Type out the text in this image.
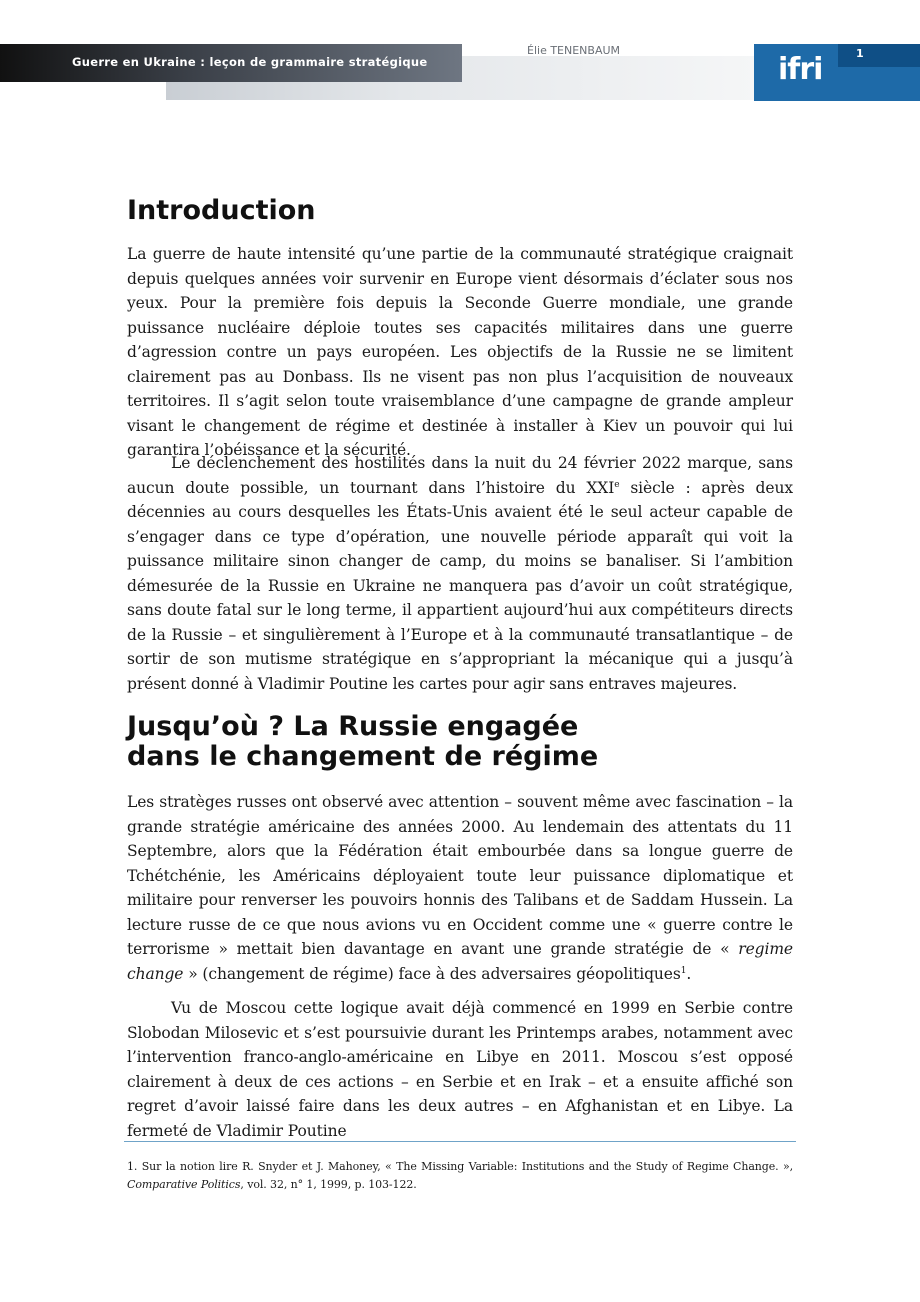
Guerre en Ukraine : leçon de grammaire stratégique
Élie TENENBAUM
ifri	1
Introduction

La guerre de haute intensité qu’une partie de la communauté stratégique craignait depuis quelques années voir survenir en Europe vient désormais d’éclater sous nos yeux. Pour la première fois depuis la Seconde Guerre mondiale, une grande puissance nucléaire déploie toutes ses capacités militaires dans une guerre d’agression contre un pays européen. Les objectifs de la Russie ne se limitent clairement pas au Donbass. Ils ne visent pas non plus l’acquisition de nouveaux territoires. Il s’agit selon toute vraisemblance d’une campagne de grande ampleur visant le changement de régime et destinée à installer à Kiev un pouvoir qui lui garantira l’obéissance et la sécurité.

Le déclenchement des hostilités dans la nuit du 24 février 2022 marque, sans aucun doute possible, un tournant dans l’histoire du XXIe siècle : après deux décennies au cours desquelles les États-Unis avaient été le seul acteur capable de s’engager dans ce type d’opération, une nouvelle période apparaît qui voit la puissance militaire sinon changer de camp, du moins se banaliser. Si l’ambition démesurée de la Russie en Ukraine ne manquera pas d’avoir un coût stratégique, sans doute fatal sur le long terme, il appartient aujourd’hui aux compétiteurs directs de la Russie – et singulièrement à l’Europe et à la communauté transatlantique – de sortir de son mutisme stratégique en s’appropriant la mécanique qui a jusqu’à présent donné à Vladimir Poutine les cartes pour agir sans entraves majeures.

Jusqu’où ? La Russie engagée
dans le changement de régime

Les stratèges russes ont observé avec attention – souvent même avec fascination – la grande stratégie américaine des années 2000. Au lendemain des attentats du 11 Septembre, alors que la Fédération était embourbée dans sa longue guerre de Tchétchénie, les Américains déployaient toute leur puissance diplomatique et militaire pour renverser les pouvoirs honnis des Talibans et de Saddam Hussein. La lecture russe de ce que nous avions vu en Occident comme une « guerre contre le terrorisme » mettait bien davantage en avant une grande stratégie de « regime change » (changement de régime) face à des adversaires géopolitiques$^1$.

Vu de Moscou cette logique avait déjà commencé en 1999 en Serbie contre Slobodan Milosevic et s’est poursuivie durant les Printemps arabes, notamment avec l’intervention franco-anglo-américaine en Libye en 2011. Moscou s’est opposé clairement à deux de ces actions – en Serbie et en Irak – et a ensuite affiché son regret d’avoir laissé faire dans les deux autres – en Afghanistan et en Libye. La fermeté de Vladimir Poutine

1. Sur la notion lire R. Snyder et J. Mahoney, « The Missing Variable: Institutions and the Study of Regime Change. », Comparative Politics, vol. 32, n° 1, 1999, p. 103-122.
